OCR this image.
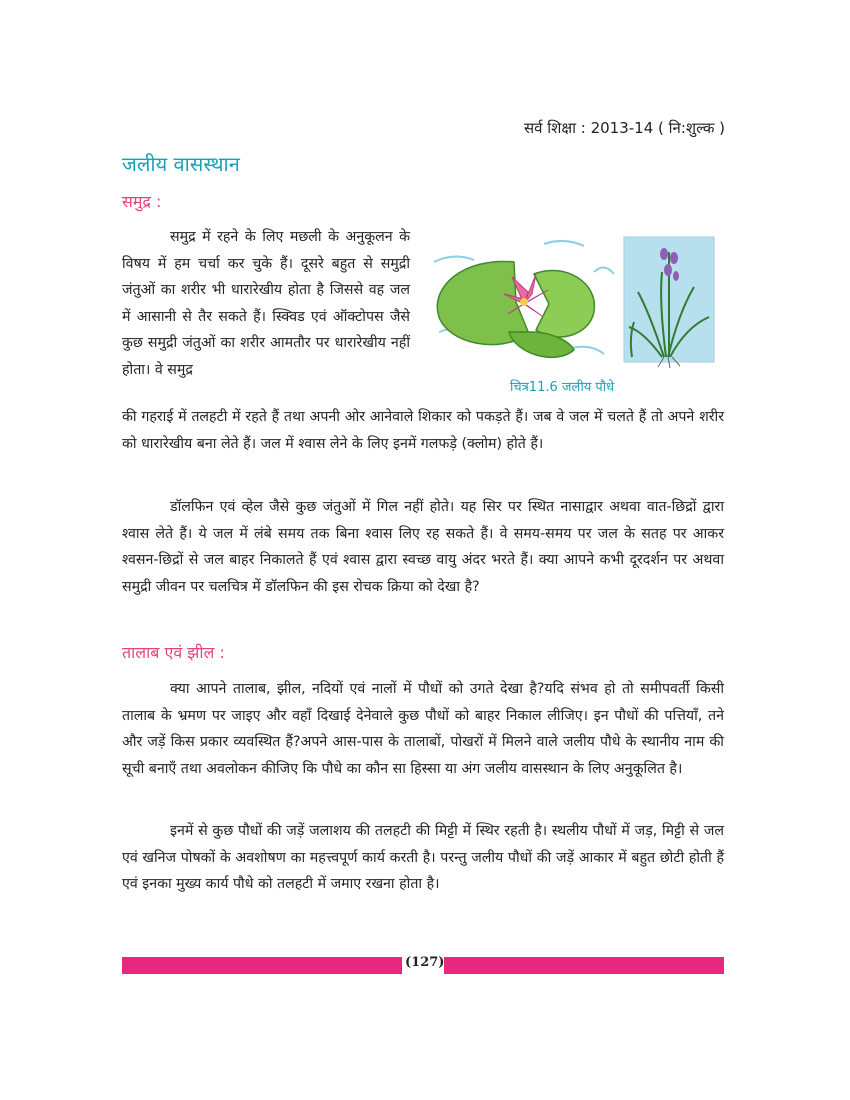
सर्व शिक्षा : 2013-14 ( नि:शुल्क )
जलीय वासस्थान
समुद्र :
समुद्र में रहने के लिए मछली के अनुकूलन के विषय में हम चर्चा कर चुके हैं। दूसरे बहुत से समुद्री जंतुओं का शरीर भी धारारेखीय होता है जिससे वह जल में आसानी से तैर सकते हैं। स्क्विड एवं ऑक्टोपस जैसे कुछ समुद्री जंतुओं का शरीर आमतौर पर धारारेखीय नहीं होता। वे समुद्र
चित्र11.6 जलीय पौधे
की गहराई में तलहटी में रहते हैं तथा अपनी ओर आनेवाले शिकार को पकड़ते हैं। जब वे जल में चलते हैं तो अपने शरीर को धारारेखीय बना लेते हैं। जल में श्वास लेने के लिए इनमें गलफड़े (क्लोम) होते हैं।
डॉलफिन एवं व्हेल जैसे कुछ जंतुओं में गिल नहीं होते। यह सिर पर स्थित नासाद्वार अथवा वात-छिद्रों द्वारा श्वास लेते हैं। ये जल में लंबे समय तक बिना श्वास लिए रह सकते हैं। वे समय-समय पर जल के सतह पर आकर श्वसन-छिद्रों से जल बाहर निकालते हैं एवं श्वास द्वारा स्वच्छ वायु अंदर भरते हैं। क्या आपने कभी दूरदर्शन पर अथवा समुद्री जीवन पर चलचित्र में डॉलफिन की इस रोचक क्रिया को देखा है?
तालाब एवं झील :
क्या आपने तालाब, झील, नदियों एवं नालों में पौधों को उगते देखा है?यदि संभव हो तो समीपवर्ती किसी तालाब के भ्रमण पर जाइए और वहाँ दिखाई देनेवाले कुछ पौधों को बाहर निकाल लीजिए। इन पौधों की पत्तियाँ, तने और जड़ें किस प्रकार व्यवस्थित हैं?अपने आस-पास के तालाबों, पोखरों में मिलने वाले जलीय पौधे के स्थानीय नाम की सूची बनाएँ तथा अवलोकन कीजिए कि पौधे का कौन सा हिस्सा या अंग जलीय वासस्थान के लिए अनुकूलित है।
इनमें से कुछ पौधों की जड़ें जलाशय की तलहटी की मिट्टी में स्थिर रहती है। स्थलीय पौधों में जड़, मिट्टी से जल एवं खनिज पोषकों के अवशोषण का महत्त्वपूर्ण कार्य करती है। परन्तु जलीय पौधों की जड़ें आकार में बहुत छोटी होती हैं एवं इनका मुख्य कार्य पौधे को तलहटी में जमाए रखना होता है।
(127)
